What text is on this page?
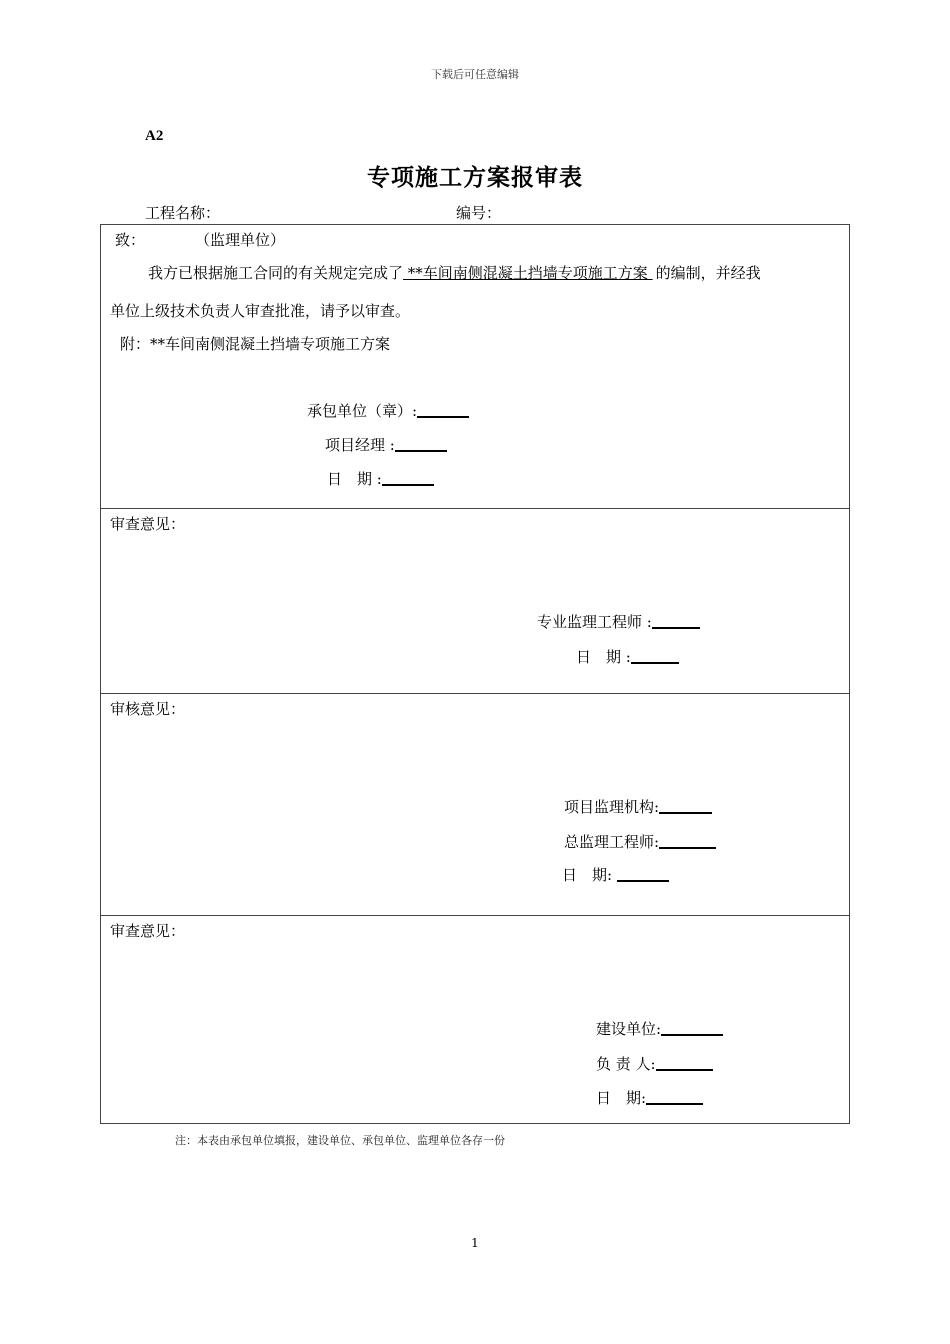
下载后可任意编辑
A2
专项施工方案报审表
工程名称：	编号：
致：	（监理单位）
我方已根据施工合同的有关规定完成了 **车间南侧混凝土挡墙专项施工方案 的编制，并经我
单位上级技术负责人审查批准，请予以审查。
附：**车间南侧混凝土挡墙专项施工方案
承包单位（章）:
项目经理 :
日　期 :
审查意见：
专业监理工程师 :
日　期 :
审核意见：
项目监理机构:
总监理工程师:
日　期:
审查意见：
建设单位:
负 责 人:
日　期:
注：本表由承包单位填报，建设单位、承包单位、监理单位各存一份
1
